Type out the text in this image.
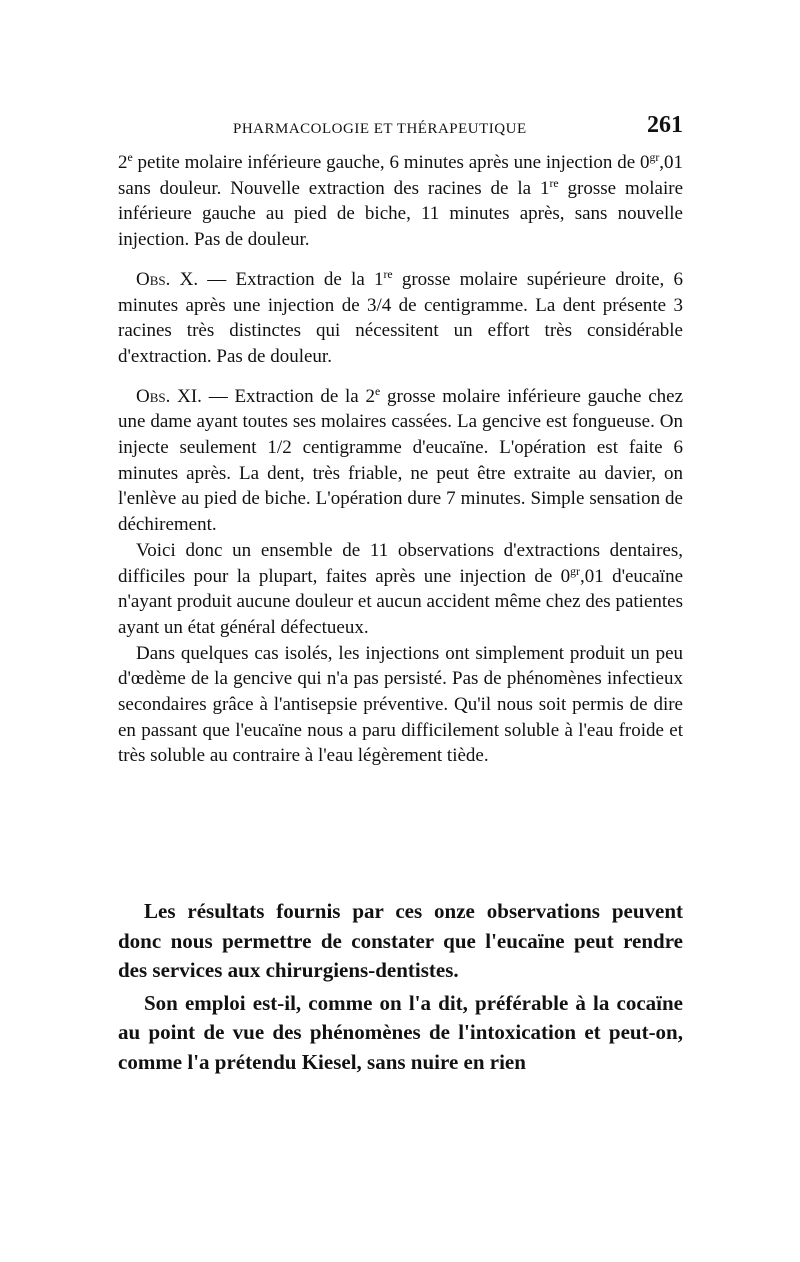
PHARMACOLOGIE ET THÉRAPEUTIQUE	261

2e petite molaire inférieure gauche, 6 minutes après une injection de $0^{gr},01$ sans douleur. Nouvelle extraction des racines de la 1re grosse molaire inférieure gauche au pied de biche, 11 minutes après, sans nouvelle injection. Pas de douleur.

Obs. X. — Extraction de la 1re grosse molaire supérieure droite, 6 minutes après une injection de 3/4 de centigramme. La dent présente 3 racines très distinctes qui nécessitent un effort très considérable d'extraction. Pas de douleur.

Obs. XI. — Extraction de la 2e grosse molaire inférieure gauche chez une dame ayant toutes ses molaires cassées. La gencive est fongueuse. On injecte seulement 1/2 centigramme d'eucaïne. L'opération est faite 6 minutes après. La dent, très friable, ne peut être extraite au davier, on l'enlève au pied de biche. L'opération dure 7 minutes. Simple sensation de déchirement.

Voici donc un ensemble de 11 observations d'extractions dentaires, difficiles pour la plupart, faites après une injection de $0^{gr},01$ d'eucaïne n'ayant produit aucune douleur et aucun accident même chez des patientes ayant un état général défectueux.

Dans quelques cas isolés, les injections ont simplement produit un peu d'œdème de la gencive qui n'a pas persisté. Pas de phénomènes infectieux secondaires grâce à l'antisepsie préventive. Qu'il nous soit permis de dire en passant que l'eucaïne nous a paru difficilement soluble à l'eau froide et très soluble au contraire à l'eau légèrement tiède.

Les résultats fournis par ces onze observations peuvent donc nous permettre de constater que l'eucaïne peut rendre des services aux chirurgiens-dentistes.

Son emploi est-il, comme on l'a dit, préférable à la cocaïne au point de vue des phénomènes de l'intoxication et peut-on, comme l'a prétendu Kiesel, sans nuire en rien
